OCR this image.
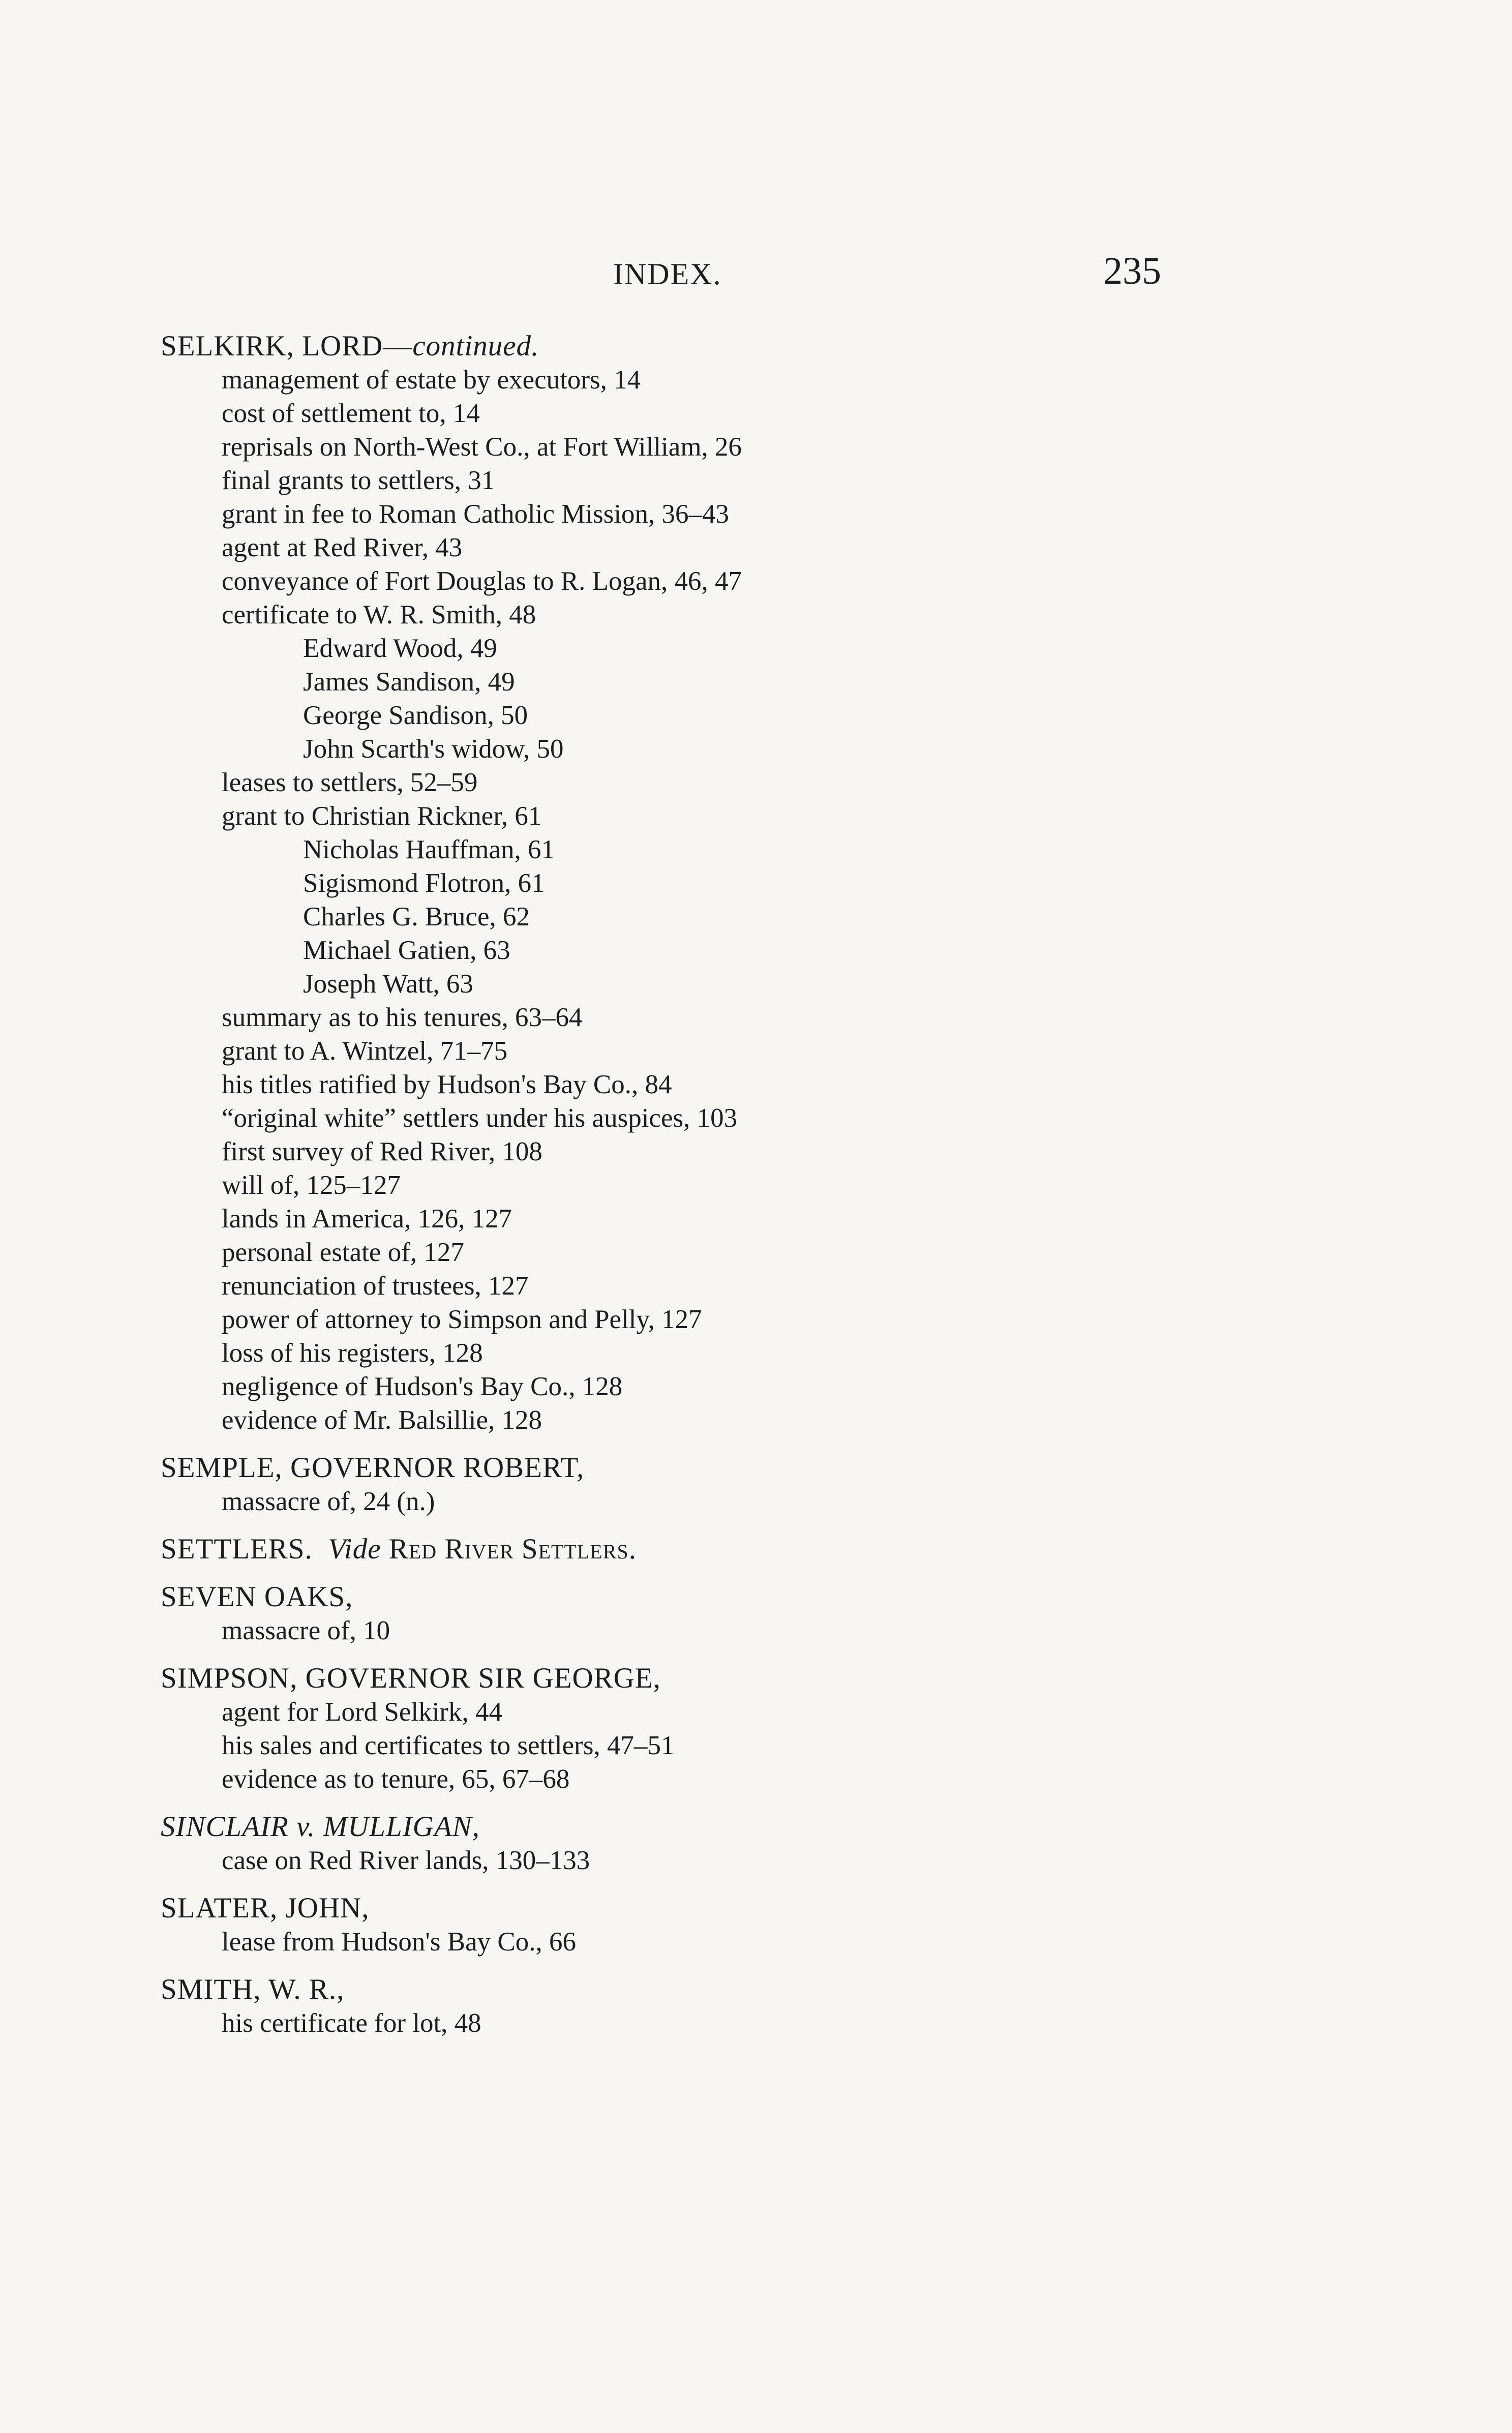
INDEX.	235
SELKIRK, LORD—continued.
management of estate by executors, 14
cost of settlement to, 14
reprisals on North-West Co., at Fort William, 26
final grants to settlers, 31
grant in fee to Roman Catholic Mission, 36–43
agent at Red River, 43
conveyance of Fort Douglas to R. Logan, 46, 47
certificate to W. R. Smith, 48
Edward Wood, 49
James Sandison, 49
George Sandison, 50
John Scarth's widow, 50
leases to settlers, 52–59
grant to Christian Rickner, 61
Nicholas Hauffman, 61
Sigismond Flotron, 61
Charles G. Bruce, 62
Michael Gatien, 63
Joseph Watt, 63
summary as to his tenures, 63–64
grant to A. Wintzel, 71–75
his titles ratified by Hudson's Bay Co., 84
“original white” settlers under his auspices, 103
first survey of Red River, 108
will of, 125–127
lands in America, 126, 127
personal estate of, 127
renunciation of trustees, 127
power of attorney to Simpson and Pelly, 127
loss of his registers, 128
negligence of Hudson's Bay Co., 128
evidence of Mr. Balsillie, 128
SEMPLE, GOVERNOR ROBERT,
massacre of, 24 (n.)
SETTLERS. Vide Red River Settlers.
SEVEN OAKS,
massacre of, 10
SIMPSON, GOVERNOR SIR GEORGE,
agent for Lord Selkirk, 44
his sales and certificates to settlers, 47–51
evidence as to tenure, 65, 67–68
SINCLAIR v. MULLIGAN,
case on Red River lands, 130–133
SLATER, JOHN,
lease from Hudson's Bay Co., 66
SMITH, W. R.,
his certificate for lot, 48
